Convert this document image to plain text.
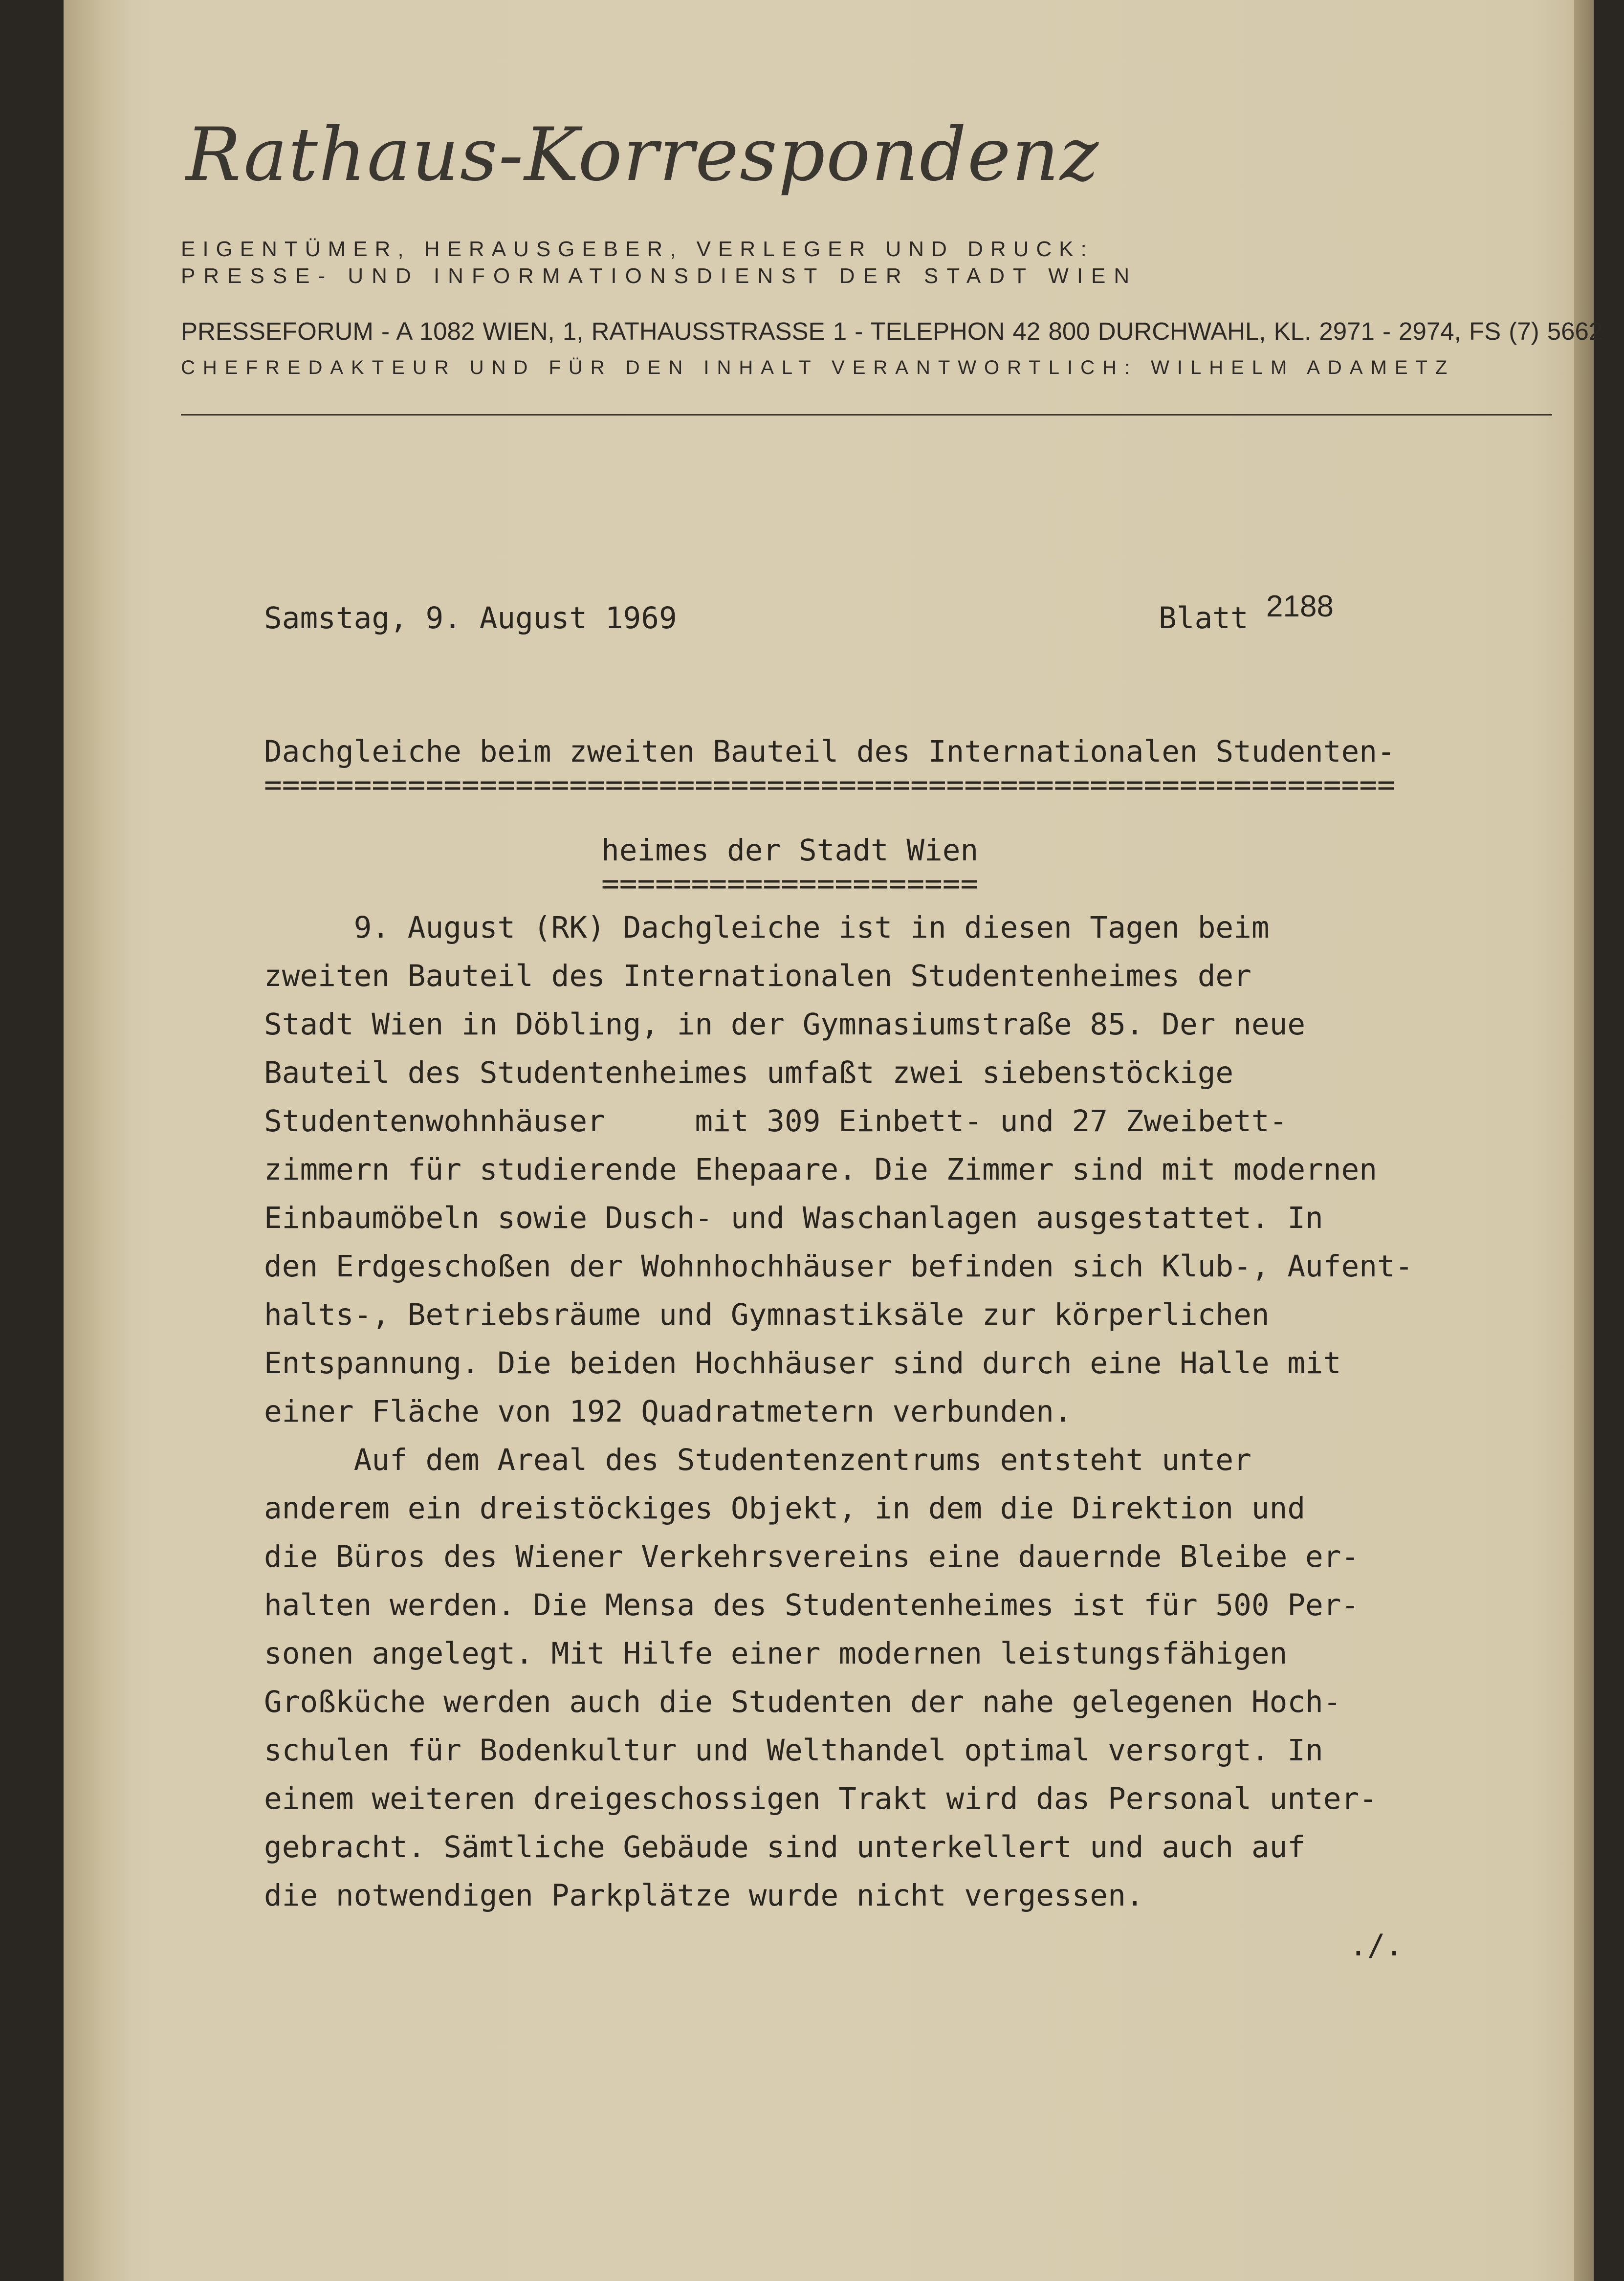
Rathaus-Korrespondenz
EIGENTÜMER, HERAUSGEBER, VERLEGER UND DRUCK:
PRESSE- UND INFORMATIONSDIENST DER STADT WIEN
PRESSEFORUM - A 1082 WIEN, 1, RATHAUSSTRASSE 1 - TELEPHON 42 800 DURCHWAHL, KL. 2971 - 2974, FS (7) 5662
CHEFREDAKTEUR UND FÜR DEN INHALT VERANTWORTLICH: WILHELM ADAMETZ
Samstag, 9. August 1969	Blatt 2188
Dachgleiche beim zweiten Bauteil des Internationalen Studenten-
===============================================================
heimes der Stadt Wien
=====================
9. August (RK) Dachgleiche ist in diesen Tagen beim
zweiten Bauteil des Internationalen Studentenheimes der
Stadt Wien in Döbling, in der Gymnasiumstraße 85. Der neue
Bauteil des Studentenheimes umfaßt zwei siebenstöckige
Studentenwohnhäuser     mit 309 Einbett- und 27 Zweibett-
zimmern für studierende Ehepaare. Die Zimmer sind mit modernen
Einbaumöbeln sowie Dusch- und Waschanlagen ausgestattet. In
den Erdgeschoßen der Wohnhochhäuser befinden sich Klub-, Aufent-
halts-, Betriebsräume und Gymnastiksäle zur körperlichen
Entspannung. Die beiden Hochhäuser sind durch eine Halle mit
einer Fläche von 192 Quadratmetern verbunden.
Auf dem Areal des Studentenzentrums entsteht unter
anderem ein dreistöckiges Objekt, in dem die Direktion und
die Büros des Wiener Verkehrsvereins eine dauernde Bleibe er-
halten werden. Die Mensa des Studentenheimes ist für 500 Per-
sonen angelegt. Mit Hilfe einer modernen leistungsfähigen
Großküche werden auch die Studenten der nahe gelegenen Hoch-
schulen für Bodenkultur und Welthandel optimal versorgt. In
einem weiteren dreigeschossigen Trakt wird das Personal unter-
gebracht. Sämtliche Gebäude sind unterkellert und auch auf
die notwendigen Parkplätze wurde nicht vergessen.
./.
